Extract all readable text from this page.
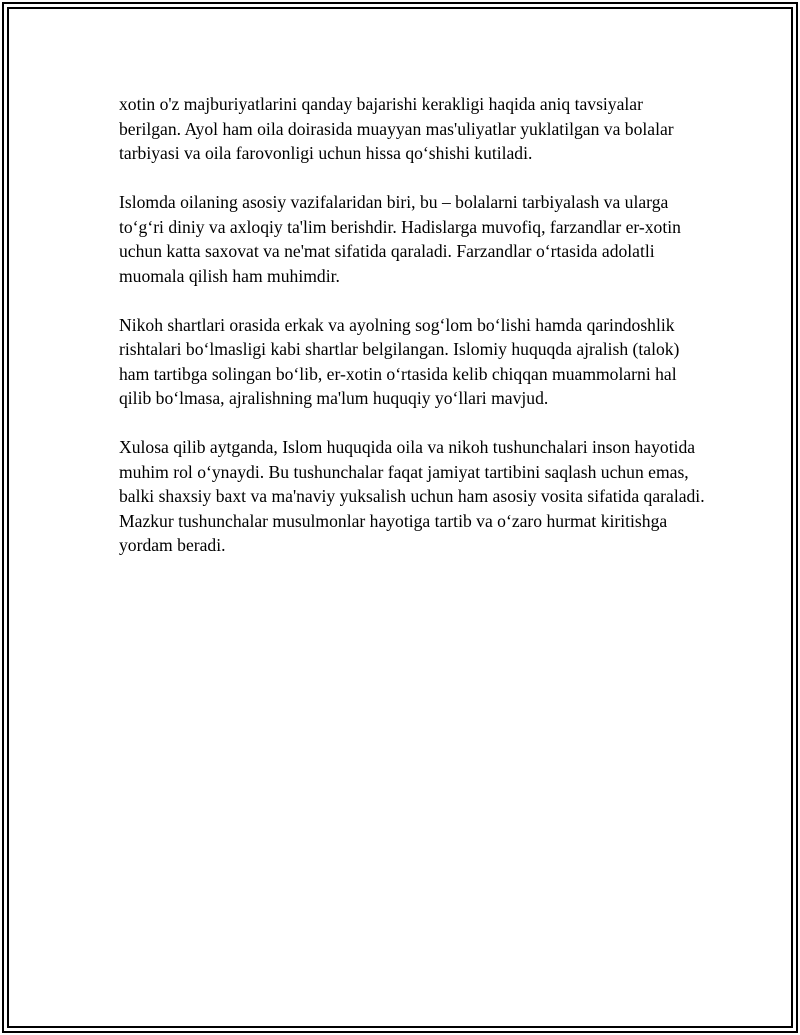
xotin o'z majburiyatlarini qanday bajarishi kerakligi haqida aniq tavsiyalar berilgan. Ayol ham oila doirasida muayyan mas'uliyatlar yuklatilgan va bolalar tarbiyasi va oila farovonligi uchun hissa qo‘shishi kutiladi.

Islomda oilaning asosiy vazifalaridan biri, bu – bolalarni tarbiyalash va ularga to‘g‘ri diniy va axloqiy ta'lim berishdir. Hadislarga muvofiq, farzandlar er-xotin uchun katta saxovat va ne'mat sifatida qaraladi. Farzandlar o‘rtasida adolatli muomala qilish ham muhimdir.

Nikoh shartlari orasida erkak va ayolning sog‘lom bo‘lishi hamda qarindoshlik rishtalari bo‘lmasligi kabi shartlar belgilangan. Islomiy huquqda ajralish (talok) ham tartibga solingan bo‘lib, er-xotin o‘rtasida kelib chiqqan muammolarni hal qilib bo‘lmasa, ajralishning ma'lum huquqiy yo‘llari mavjud.

Xulosa qilib aytganda, Islom huquqida oila va nikoh tushunchalari inson hayotida muhim rol o‘ynaydi. Bu tushunchalar faqat jamiyat tartibini saqlash uchun emas, balki shaxsiy baxt va ma'naviy yuksalish uchun ham asosiy vosita sifatida qaraladi. Mazkur tushunchalar musulmonlar hayotiga tartib va o‘zaro hurmat kiritishga yordam beradi.
